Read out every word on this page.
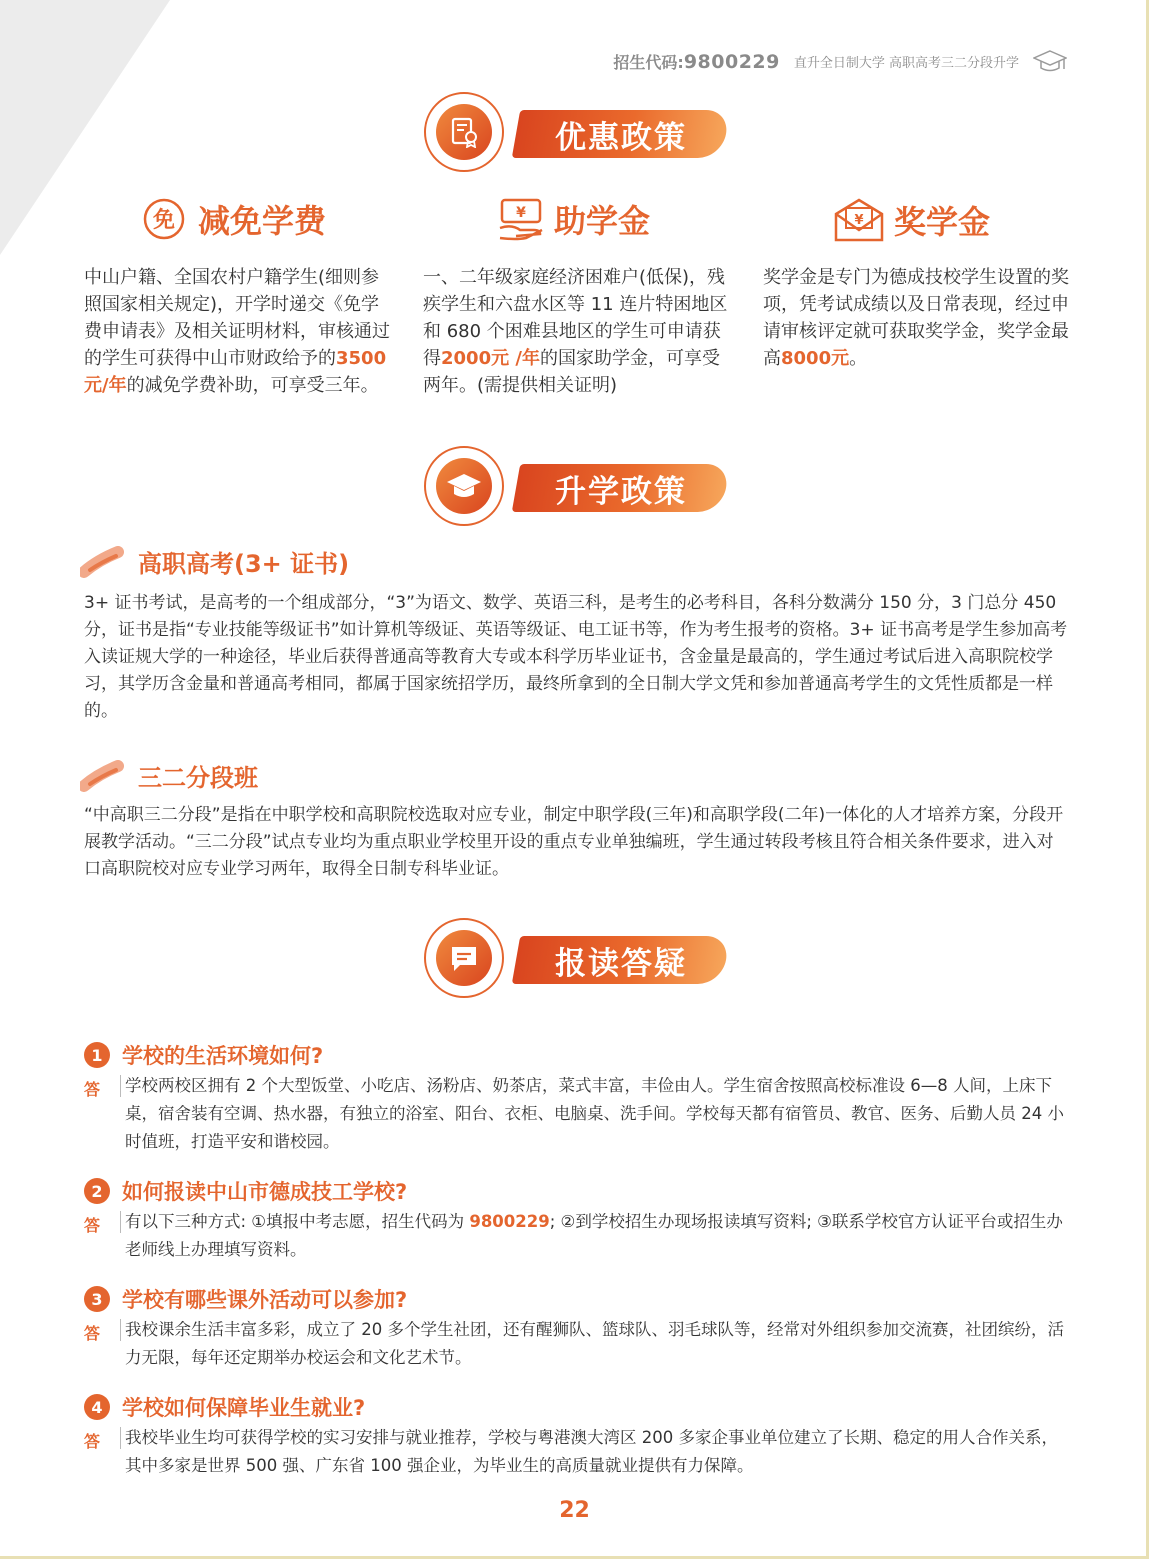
招生代码:9800229 直升全日制大学 高职高考三二分段升学
优惠政策
免 减免学费	¥ 助学金	¥ 奖学金
中山户籍、全国农村户籍学生(细则参照国家相关规定)，开学时递交《免学费申请表》及相关证明材料，审核通过的学生可获得中山市财政给予的3500元/年的减免学费补助，可享受三年。
一、二年级家庭经济困难户(低保)，残疾学生和六盘水区等 11 连片特困地区和 680 个困难县地区的学生可申请获得2000元 /年的国家助学金，可享受两年。(需提供相关证明)
奖学金是专门为德成技校学生设置的奖项，凭考试成绩以及日常表现，经过申请审核评定就可获取奖学金，奖学金最高8000元。
升学政策
高职高考(3+ 证书)
3+ 证书考试，是高考的一个组成部分，“3”为语文、数学、英语三科，是考生的必考科目，各科分数满分 150 分，3 门总分 450 分，证书是指“专业技能等级证书”如计算机等级证、英语等级证、电工证书等，作为考生报考的资格。3+ 证书高考是学生参加高考入读证规大学的一种途径，毕业后获得普通高等教育大专或本科学历毕业证书，含金量是最高的，学生通过考试后进入高职院校学习，其学历含金量和普通高考相同，都属于国家统招学历，最终所拿到的全日制大学文凭和参加普通高考学生的文凭性质都是一样的。
三二分段班
“中高职三二分段”是指在中职学校和高职院校选取对应专业，制定中职学段(三年)和高职学段(二年)一体化的人才培养方案，分段开展教学活动。“三二分段”试点专业均为重点职业学校里开设的重点专业单独编班，学生通过转段考核且符合相关条件要求，进入对口高职院校对应专业学习两年，取得全日制专科毕业证。
报读答疑
1 学校的生活环境如何?
答	学校两校区拥有 2 个大型饭堂、小吃店、汤粉店、奶茶店，菜式丰富，丰俭由人。学生宿舍按照高校标准设 6—8 人间，上床下桌，宿舍装有空调、热水器，有独立的浴室、阳台、衣柜、电脑桌、洗手间。学校每天都有宿管员、教官、医务、后勤人员 24 小时值班，打造平安和谐校园。
2 如何报读中山市德成技工学校?
答	有以下三种方式: ①填报中考志愿，招生代码为 9800229; ②到学校招生办现场报读填写资料; ③联系学校官方认证平台或招生办老师线上办理填写资料。
3 学校有哪些课外活动可以参加?
答	我校课余生活丰富多彩，成立了 20 多个学生社团，还有醒狮队、篮球队、羽毛球队等，经常对外组织参加交流赛，社团缤纷，活力无限，每年还定期举办校运会和文化艺术节。
4 学校如何保障毕业生就业?
答	我校毕业生均可获得学校的实习安排与就业推荐，学校与粤港澳大湾区 200 多家企事业单位建立了长期、稳定的用人合作关系，其中多家是世界 500 强、广东省 100 强企业，为毕业生的高质量就业提供有力保障。
22
